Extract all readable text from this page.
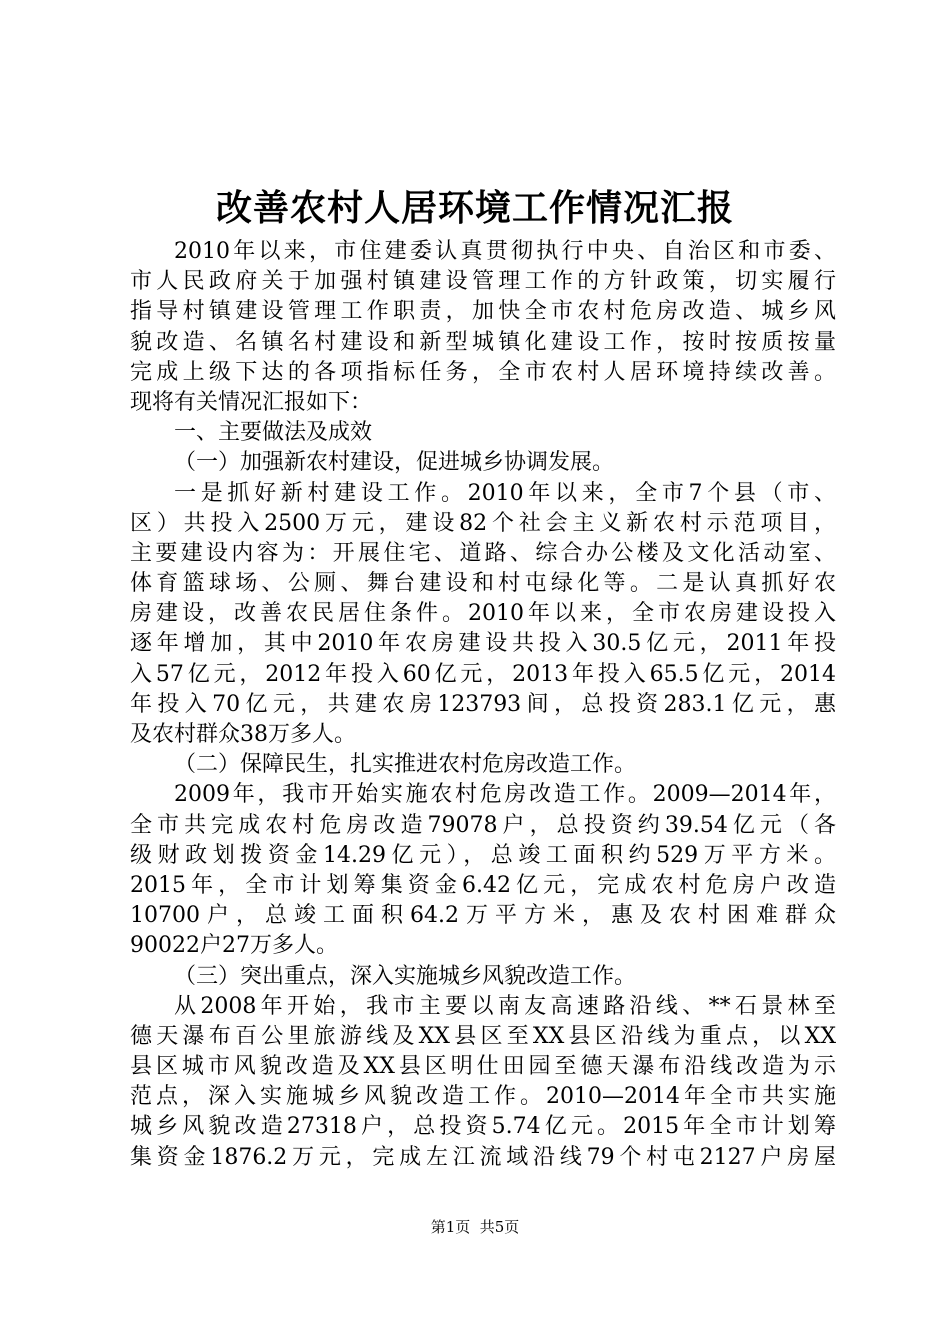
改善农村人居环境工作情况汇报
2010年以来，市住建委认真贯彻执行中央、自治区和市委、
市人民政府关于加强村镇建设管理工作的方针政策，切实履行
指导村镇建设管理工作职责，加快全市农村危房改造、城乡风
貌改造、名镇名村建设和新型城镇化建设工作，按时按质按量
完成上级下达的各项指标任务，全市农村人居环境持续改善。
现将有关情况汇报如下：
一、主要做法及成效
（一）加强新农村建设，促进城乡协调发展。
一是抓好新村建设工作。2010年以来，全市7个县（市、
区）共投入2500万元，建设82个社会主义新农村示范项目，
主要建设内容为：开展住宅、道路、综合办公楼及文化活动室、
体育篮球场、公厕、舞台建设和村屯绿化等。二是认真抓好农
房建设，改善农民居住条件。2010年以来，全市农房建设投入
逐年增加，其中2010年农房建设共投入30.5亿元，2011年投
入57亿元，2012年投入60亿元，2013年投入65.5亿元，2014
年投入70亿元，共建农房123793间，总投资283.1亿元，惠
及农村群众38万多人。
（二）保障民生，扎实推进农村危房改造工作。
2009年，我市开始实施农村危房改造工作。2009—2014年，
全市共完成农村危房改造79078户，总投资约39.54亿元（各
级财政划拨资金14.29亿元），总竣工面积约529万平方米。
2015年，全市计划筹集资金6.42亿元，完成农村危房户改造
10700户，总竣工面积64.2万平方米，惠及农村困难群众
90022户27万多人。
（三）突出重点，深入实施城乡风貌改造工作。
从2008年开始，我市主要以南友高速路沿线、**石景林至
德天瀑布百公里旅游线及XX县区至XX县区沿线为重点，以XX
县区城市风貌改造及XX县区明仕田园至德天瀑布沿线改造为示
范点，深入实施城乡风貌改造工作。2010—2014年全市共实施
城乡风貌改造27318户，总投资5.74亿元。2015年全市计划筹
集资金1876.2万元，完成左江流域沿线79个村屯2127户房屋
第1页  共5页
